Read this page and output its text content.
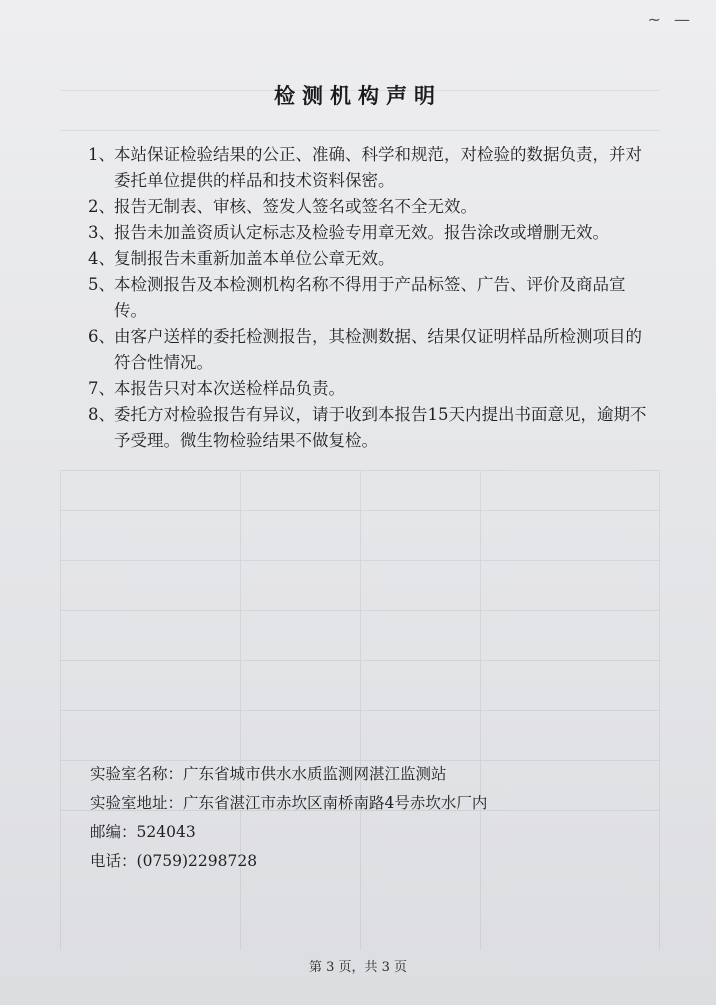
~ —
检测机构声明
1、 本站保证检验结果的公正、准确、科学和规范，对检验的数据负责，并对委托单位提供的样品和技术资料保密。
2、 报告无制表、审核、签发人签名或签名不全无效。
3、 报告未加盖资质认定标志及检验专用章无效。报告涂改或增删无效。
4、 复制报告未重新加盖本单位公章无效。
5、 本检测报告及本检测机构名称不得用于产品标签、广告、评价及商品宣传。
6、 由客户送样的委托检测报告，其检测数据、结果仅证明样品所检测项目的符合性情况。
7、 本报告只对本次送检样品负责。
8、 委托方对检验报告有异议，请于收到本报告15天内提出书面意见，逾期不予受理。微生物检验结果不做复检。
实验室名称：广东省城市供水水质监测网湛江监测站
实验室地址：广东省湛江市赤坎区南桥南路4号赤坎水厂内
邮编：524043
电话：(0759)2298728
第 3 页，共 3 页
